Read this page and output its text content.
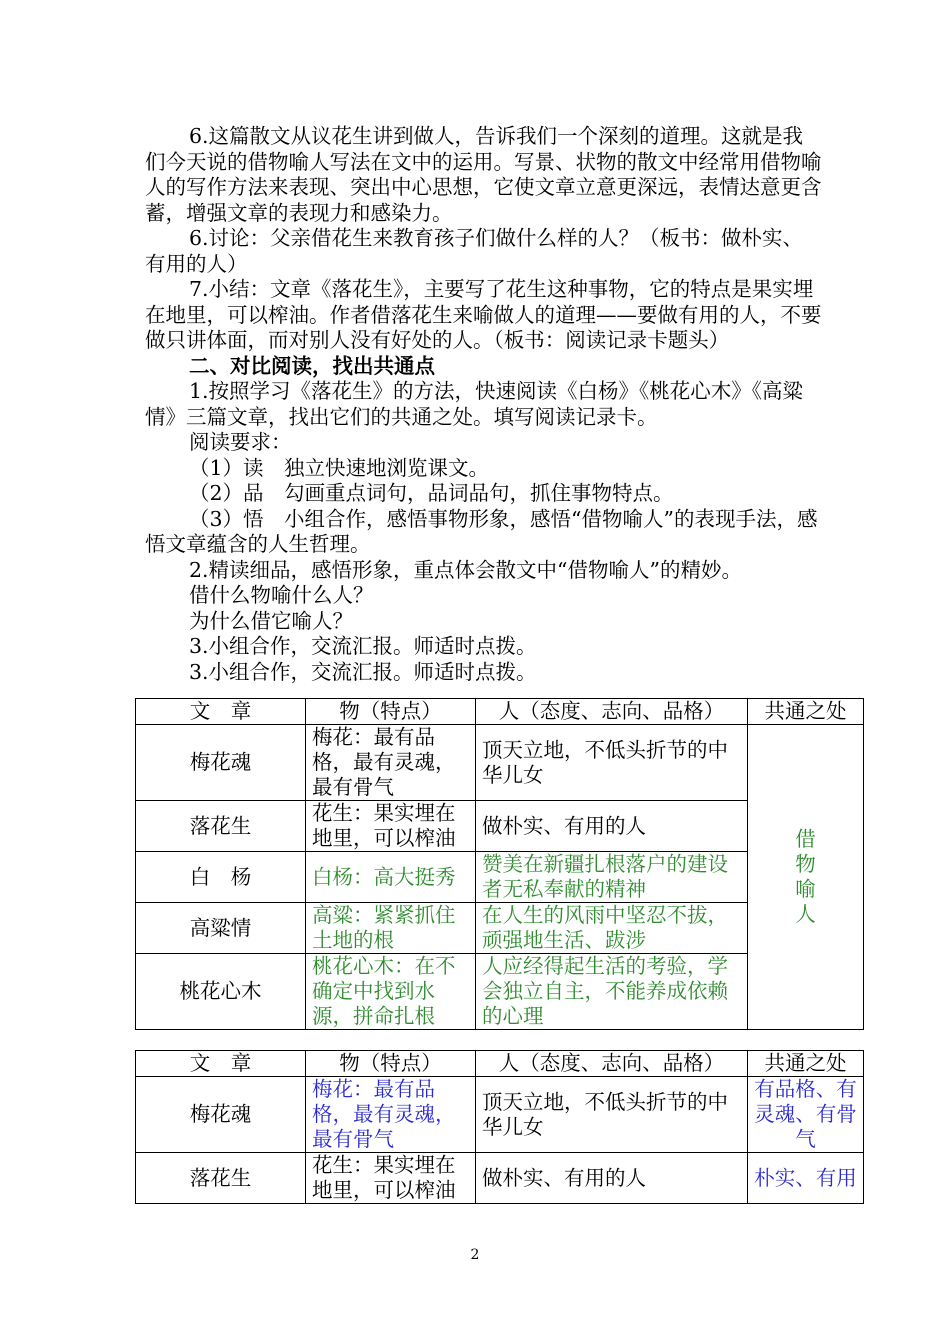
6.这篇散文从议花生讲到做人，告诉我们一个深刻的道理。这就是我们今天说的借物喻人写法在文中的运用。写景、状物的散文中经常用借物喻人的写作方法来表现、突出中心思想，它使文章立意更深远，表情达意更含蓄，增强文章的表现力和感染力。

6.讨论：父亲借花生来教育孩子们做什么样的人？（板书：做朴实、有用的人）

7.小结：文章《落花生》，主要写了花生这种事物，它的特点是果实埋在地里，可以榨油。作者借落花生来喻做人的道理——要做有用的人，不要做只讲体面，而对别人没有好处的人。（板书：阅读记录卡题头）

二、对比阅读，找出共通点

1.按照学习《落花生》的方法，快速阅读《白杨》《桃花心木》《高粱情》三篇文章，找出它们的共通之处。填写阅读记录卡。

阅读要求：

（1）读　独立快速地浏览课文。

（2）品　勾画重点词句，品词品句，抓住事物特点。

（3）悟　小组合作，感悟事物形象，感悟“借物喻人”的表现手法，感悟文章蕴含的人生哲理。

2.精读细品，感悟形象，重点体会散文中“借物喻人”的精妙。

借什么物喻什么人？

为什么借它喻人？

3.小组合作，交流汇报。师适时点拨。

3.小组合作，交流汇报。师适时点拨。

文　章	物（特点）	人（态度、志向、品格）	共通之处
梅花魂	梅花：最有品格，最有灵魂，最有骨气	顶天立地，不低头折节的中华儿女	借物喻人

落花生	花生：果实埋在地里，可以榨油	做朴实、有用的人	
白　杨	白杨：高大挺秀	赞美在新疆扎根落户的建设者无私奉献的精神	
高粱情	高粱：紧紧抓住土地的根	在人生的风雨中坚忍不拔，顽强地生活、跋涉	
桃花心木	桃花心木：在不确定中找到水源，拼命扎根	人应经得起生活的考验，学会独立自主，不能养成依赖的心理	
文　章	物（特点）	人（态度、志向、品格）	共通之处
梅花魂	梅花：最有品格，最有灵魂，最有骨气	顶天立地，不低头折节的中华儿女	有品格、有灵魂、有骨气
落花生	花生：果实埋在地里，可以榨油	做朴实、有用的人	朴实、有用
2
